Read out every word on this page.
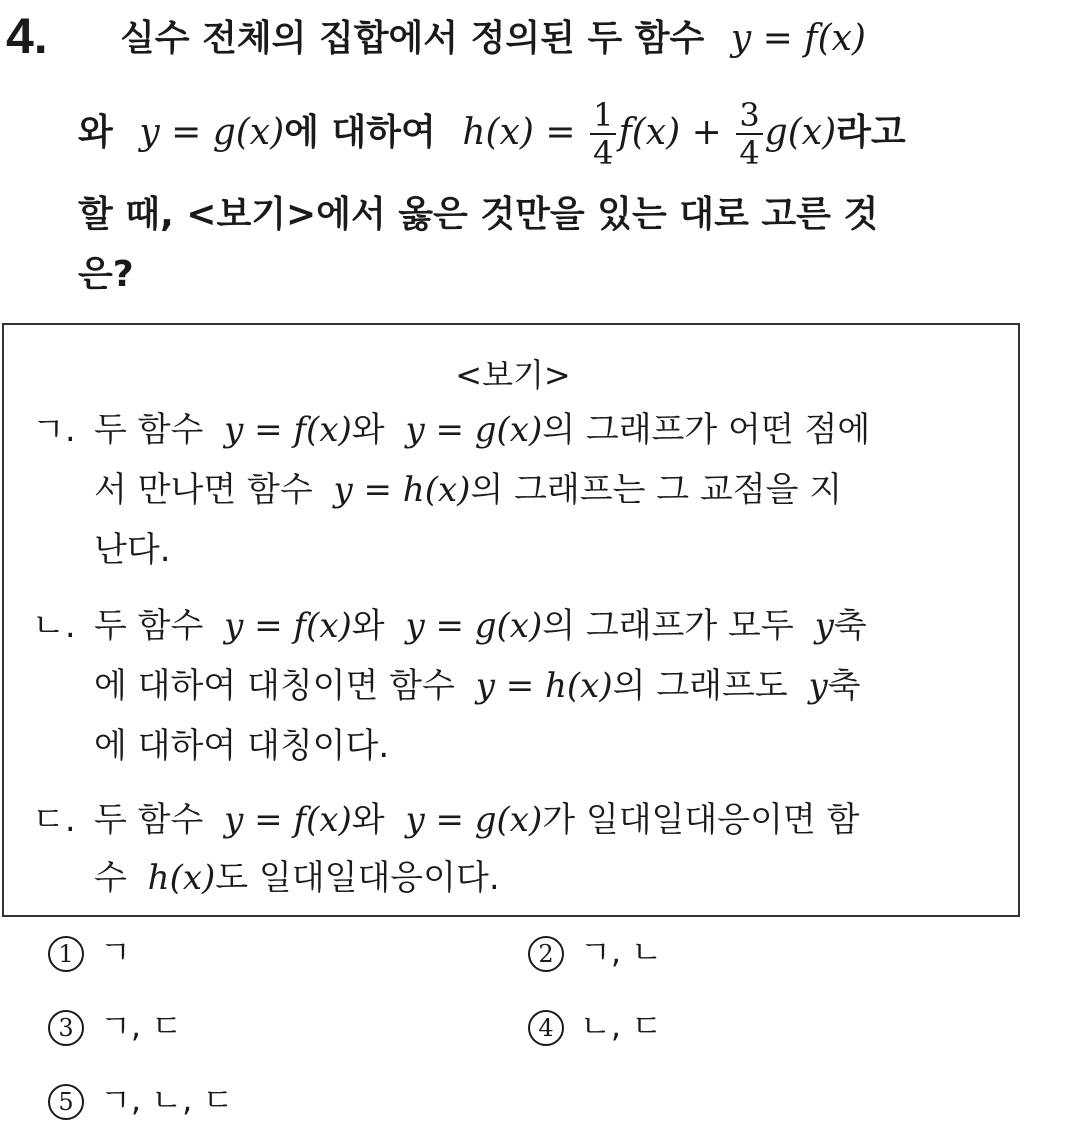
4. 실수 전체의 집합에서 정의된 두 함수 y = f(x)
와 y = g(x)에 대하여 $h(x) = \frac{1}{4} f(x) + \frac{3}{4} g(x)$라고
할 때, <보기>에서 옳은 것만을 있는 대로 고른 것
은?
<보기>
ㄱ. 두 함수 y = f(x)와 y = g(x)의 그래프가 어떤 점에
서 만나면 함수 y = h(x)의 그래프는 그 교점을 지
난다.
ㄴ. 두 함수 y = f(x)와 y = g(x)의 그래프가 모두 y축
에 대하여 대칭이면 함수 y = h(x)의 그래프도 y축
에 대하여 대칭이다.
ㄷ. 두 함수 y = f(x)와 y = g(x)가 일대일대응이면 함
수 h(x)도 일대일대응이다.
1 ㄱ	2 ㄱ, ㄴ
3 ㄱ, ㄷ	4 ㄴ, ㄷ
5 ㄱ, ㄴ, ㄷ
